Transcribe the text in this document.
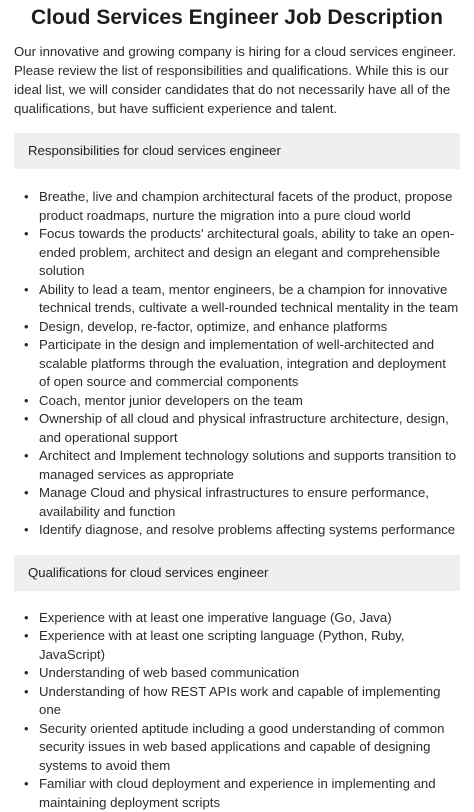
Cloud Services Engineer Job Description

Our innovative and growing company is hiring for a cloud services engineer. Please review the list of responsibilities and qualifications. While this is our ideal list, we will consider candidates that do not necessarily have all of the qualifications, but have sufficient experience and talent.

Responsibilities for cloud services engineer
• Breathe, live and champion architectural facets of the product, propose product roadmaps, nurture the migration into a pure cloud world
• Focus towards the products' architectural goals, ability to take an open-ended problem, architect and design an elegant and comprehensible solution
• Ability to lead a team, mentor engineers, be a champion for innovative technical trends, cultivate a well-rounded technical mentality in the team
• Design, develop, re-factor, optimize, and enhance platforms
• Participate in the design and implementation of well-architected and scalable platforms through the evaluation, integration and deployment of open source and commercial components
• Coach, mentor junior developers on the team
• Ownership of all cloud and physical infrastructure architecture, design, and operational support
• Architect and Implement technology solutions and supports transition to managed services as appropriate
• Manage Cloud and physical infrastructures to ensure performance, availability and function
• Identify diagnose, and resolve problems affecting systems performance
Qualifications for cloud services engineer
• Experience with at least one imperative language (Go, Java)
• Experience with at least one scripting language (Python, Ruby, JavaScript)
• Understanding of web based communication
• Understanding of how REST APIs work and capable of implementing one
• Security oriented aptitude including a good understanding of common security issues in web based applications and capable of designing systems to avoid them
• Familiar with cloud deployment and experience in implementing and maintaining deployment scripts
